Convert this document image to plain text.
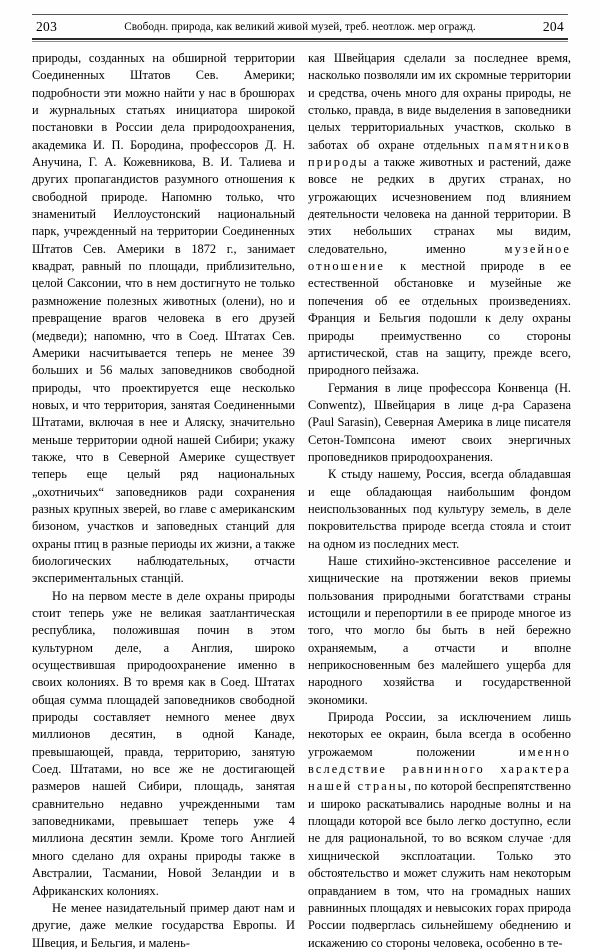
203	Свободн. природа, как великий живой музей, треб. неотлож. мер огражд.	204

природы, созданных на обширной территории Соединенных Штатов Сев. Америки; подробности эти можно найти у нас в брошюрах и журнальных статьях инициатора широкой постановки в России дела природоохранения, академика И. П. Бородина, профессоров Д. Н. Анучина, Г. А. Кожевникова, В. И. Талиева и других пропагандистов разумного отношения к свободной природе. Напомню только, что знаменитый Иеллоустонский национальный парк, учрежденный на территории Соединенных Штатов Сев. Америки в 1872 г., занимает квадрат, равный по площади, приблизительно, целой Саксонии, что в нем достигнуто не только размножение полезных животных (олени), но и превращение врагов человека в его друзей (медведи); напомню, что в Соед. Штатах Сев. Америки насчитывается теперь не менее 39 больших и 56 малых заповедников свободной природы, что проектируется еще несколько новых, и что территория, занятая Соединенными Штатами, включая в нее и Аляску, значительно меньше территории одной нашей Сибири; укажу также, что в Северной Америке существует теперь еще целый ряд национальных „охотничьих“ заповедников ради сохранения разных крупных зверей, во главе с американским бизоном, участков и заповедных станций для охраны птиц в разные периоды их жизни, а также биологических наблюдательных, отчасти экспериментальных станцiй.

Но на первом месте в деле охраны природы стоит теперь уже не великая заатлантическая республика, положившая почин в этом культурном деле, а Англия, широко осуществившая природоохранение именно в своих колониях. В то время как в Соед. Штатах общая сумма площадей заповедников свободной природы составляет немного менее двух миллионов десятин, в одной Канаде, превышающей, правда, территорию, занятую Соед. Штатами, но все же не достигающей размеров нашей Сибири, площадь, занятая сравнительно недавно учрежденными там заповедниками, превышает теперь уже 4 миллиона десятин земли. Кроме того Англией много сделано для охраны природы также в Австралии, Тасмании, Новой Зеландии и в Африканских колониях.

Не менее назидательный пример дают нам и другие, даже мелкие государства Европы. И Швеция, и Бельгия, и малень-

кая Швейцария сделали за последнее время, насколько позволяли им их скромные территории и средства, очень много для охраны природы, не столько, правда, в виде выделения в заповедники целых территориальных участков, сколько в заботах об охране отдельных памятников природы а также животных и растений, даже вовсе не редких в других странах, но угрожающих исчезновением под влиянием деятельности человека на данной территории. В этих небольших странах мы видим, следовательно, именно музейное отношение к местной природе в ее естественной обстановке и музейные же попечения об ее отдельных произведениях. Франция и Бельгия подошли к делу охраны природы преимуственно со стороны артистической, став на защиту, прежде всего, природного пейзажа.

Германия в лице профессора Конвенца (H. Conwentz), Швейцария в лице д-ра Саразена (Paul Sarasin), Северная Америка в лице писателя Сетон-Томпсона имеют своих энергичных проповедников природоохранения.

К стыду нашему, Россия, всегда обладавшая и еще обладающая наибольшим фондом неиспользованных под культуру земель, в деле покровительства природе всегда стояла и стоит на одном из последних мест.

Наше стихийно-экстенсивное расселение и хищнические на протяжении веков приемы пользования природными богатствами страны истощили и перепортили в ее природе многое из того, что могло бы быть в ней бережно охраняемым, а отчасти и вполне неприкосновенным без малейшего ущерба для народного хозяйства и государственной экономики.

Природа России, за исключением лишь некоторых ее окраин, была всегда в особенно угрожаемом положении именно вследствие равнинного характера нашей страны, по которой беспрепятственно и широко раскатывались народные волны и на площади которой все было легко доступно, если не для рациональной, то во всяком случае ·для хищнической эксплоатации. Только это обстоятельство и может служить нам некоторым оправданием в том, что на громадных наших равнинных площадях и невысоких горах природа России подверглась сильнейшему обеднению и искажению со стороны человека, особенно в те-
